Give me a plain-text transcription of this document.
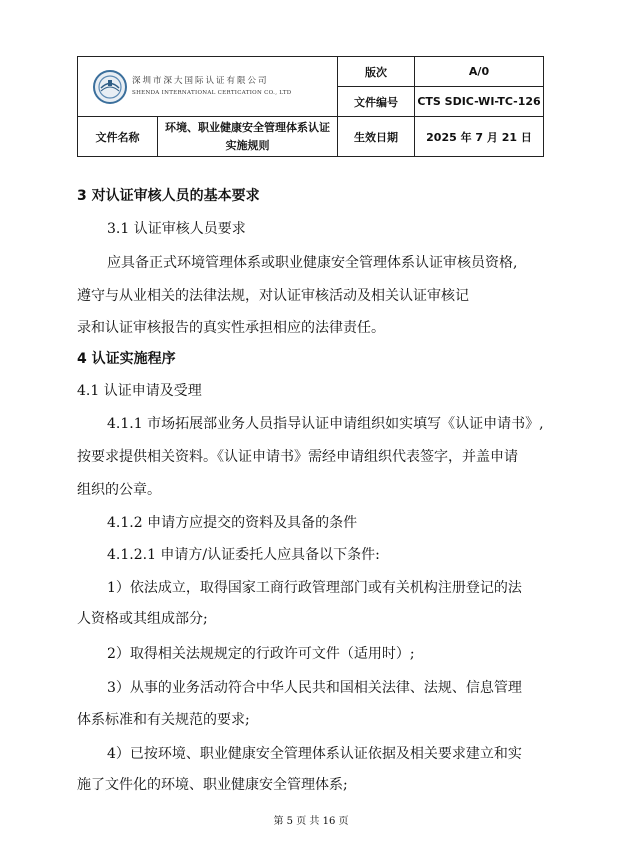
深圳市深大国际认证有限公司
SHENDA INTERNATIONAL CERTICATION CO., LTD		版次	A/0
		文件编号	CTS SDIC-WI-TC-126
文件名称	环境、职业健康安全管理体系认证实施规则	生效日期	2025 年 7 月 21 日
3 对认证审核人员的基本要求
3.1 认证审核人员要求
应具备正式环境管理体系或职业健康安全管理体系认证审核员资格,
遵守与从业相关的法律法规，对认证审核活动及相关认证审核记
录和认证审核报告的真实性承担相应的法律责任。
4 认证实施程序
4.1 认证申请及受理
4.1.1 市场拓展部业务人员指导认证申请组织如实填写《认证申请书》,
按要求提供相关资料。《认证申请书》需经申请组织代表签字，并盖申请
组织的公章。
4.1.2 申请方应提交的资料及具备的条件
4.1.2.1 申请方/认证委托人应具备以下条件:
1）依法成立，取得国家工商行政管理部门或有关机构注册登记的法
人资格或其组成部分;
2）取得相关法规规定的行政许可文件（适用时）;
3）从事的业务活动符合中华人民共和国相关法律、法规、信息管理
体系标准和有关规范的要求;
4）已按环境、职业健康安全管理体系认证依据及相关要求建立和实
施了文件化的环境、职业健康安全管理体系;
第 5 页 共 16 页
